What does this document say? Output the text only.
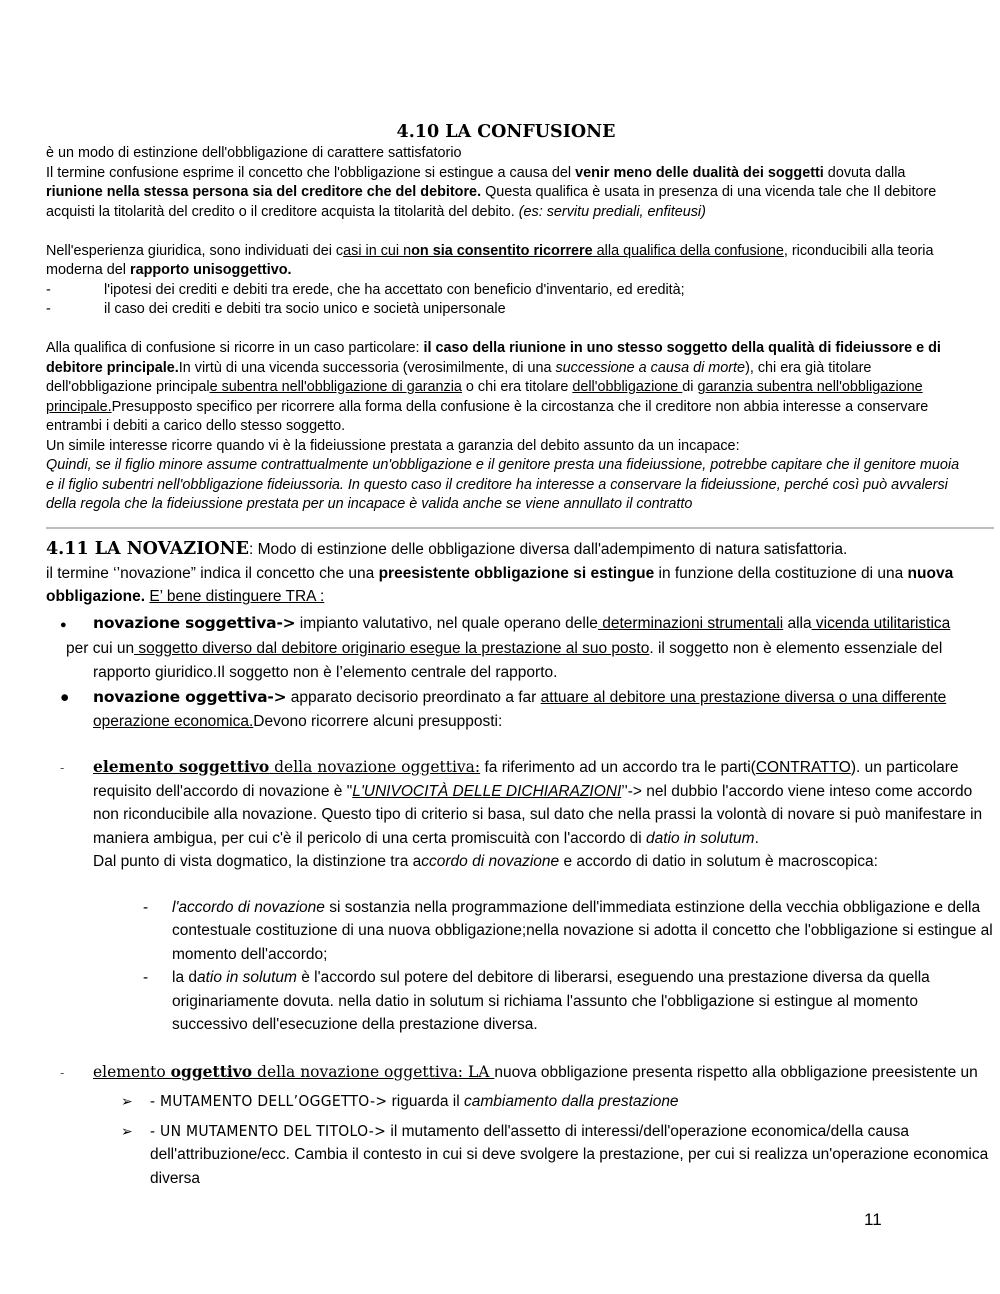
4.10 LA CONFUSIONE

è un modo di estinzione dell'obbligazione di carattere sattisfatorio

Il termine confusione esprime il concetto che l'obbligazione si estingue a causa del venir meno delle dualità dei soggetti dovuta dalla riunione nella stessa persona sia del creditore che del debitore. Questa qualifica è usata in presenza di una vicenda tale che Il debitore acquisti la titolarità del credito o il creditore acquista la titolarità del debito. (es: servitu prediali, enfiteusi)

Nell'esperienza giuridica, sono individuati dei casi in cui non sia consentito ricorrere alla qualifica della confusione, riconducibili alla teoria moderna del rapporto unisoggettivo.

-	l'ipotesi dei crediti e debiti tra erede, che ha accettato con beneficio d'inventario, ed eredità;
-	il caso dei crediti e debiti tra socio unico e società unipersonale

Alla qualifica di confusione si ricorre in un caso particolare: il caso della riunione in uno stesso soggetto della qualità di fideiussore e di debitore principale.In virtù di una vicenda successoria (verosimilmente, di una successione a causa di morte), chi era già titolare dell'obbligazione principale subentra nell'obbligazione di garanzia o chi era titolare dell'obbligazione di garanzia subentra nell'obbligazione principale.Presupposto specifico per ricorrere alla forma della confusione è la circostanza che il creditore non abbia interesse a conservare entrambi i debiti a carico dello stesso soggetto.

Un simile interesse ricorre quando vi è la fideiussione prestata a garanzia del debito assunto da un incapace:

Quindi, se il figlio minore assume contrattualmente un'obbligazione e il genitore presta una fideiussione, potrebbe capitare che il genitore muoia e il figlio subentri nell'obbligazione fideiussoria. In questo caso il creditore ha interesse a conservare la fideiussione, perché così può avvalersi della regola che la fideiussione prestata per un incapace è valida anche se viene annullato il contratto

4.11 LA NOVAZIONE: Modo di estinzione delle obbligazione diversa dall'adempimento di natura satisfattoria.

il termine ‘’novazione” indica il concetto che una preesistente obbligazione si estingue in funzione della costituzione di una nuova obbligazione. E’ bene distinguere TRA :

●	novazione soggettiva-> impianto valutativo, nel quale operano delle determinazioni strumentali alla vicenda utilitaristica

per cui un soggetto diverso dal debitore originario esegue la prestazione al suo posto. il soggetto non è elemento essenziale del

rapporto giuridico.Il soggetto non è l’elemento centrale del rapporto.

●	novazione oggettiva-> apparato decisorio preordinato a far attuare al debitore una prestazione diversa o una differente operazione economica.Devono ricorrere alcuni presupposti:
-	elemento soggettivo della novazione oggettiva: fa riferimento ad un accordo tra le parti(CONTRATTO). un particolare requisito dell'accordo di novazione è "L'UNIVOCITÀ DELLE DICHIARAZIONI’'-> nel dubbio l'accordo viene inteso come accordo non riconducibile alla novazione. Questo tipo di criterio si basa, sul dato che nella prassi la volontà di novare si può manifestare in maniera ambigua, per cui c'è il pericolo di una certa promiscuità con l'accordo di datio in solutum.
Dal punto di vista dogmatico, la distinzione tra accordo di novazione e accordo di datio in solutum è macroscopica:
-	l'accordo di novazione si sostanzia nella programmazione dell'immediata estinzione della vecchia obbligazione e della contestuale costituzione di una nuova obbligazione;nella novazione si adotta il concetto che l'obbligazione si estingue al momento dell'accordo;
-	la datio in solutum è l'accordo sul potere del debitore di liberarsi, eseguendo una prestazione diversa da quella originariamente dovuta. nella datio in solutum si richiama l'assunto che l'obbligazione si estingue al momento successivo dell'esecuzione della prestazione diversa.
-	elemento oggettivo della novazione oggettiva: LA nuova obbligazione presenta rispetto alla obbligazione preesistente un
➢	- MUTAMENTO DELL’OGGETTO-> riguarda il cambiamento dalla prestazione
➢	- UN MUTAMENTO DEL TITOLO-> il mutamento dell'assetto di interessi/dell'operazione economica/della causa dell'attribuzione/ecc. Cambia il contesto in cui si deve svolgere la prestazione, per cui si realizza un'operazione economica diversa
11
